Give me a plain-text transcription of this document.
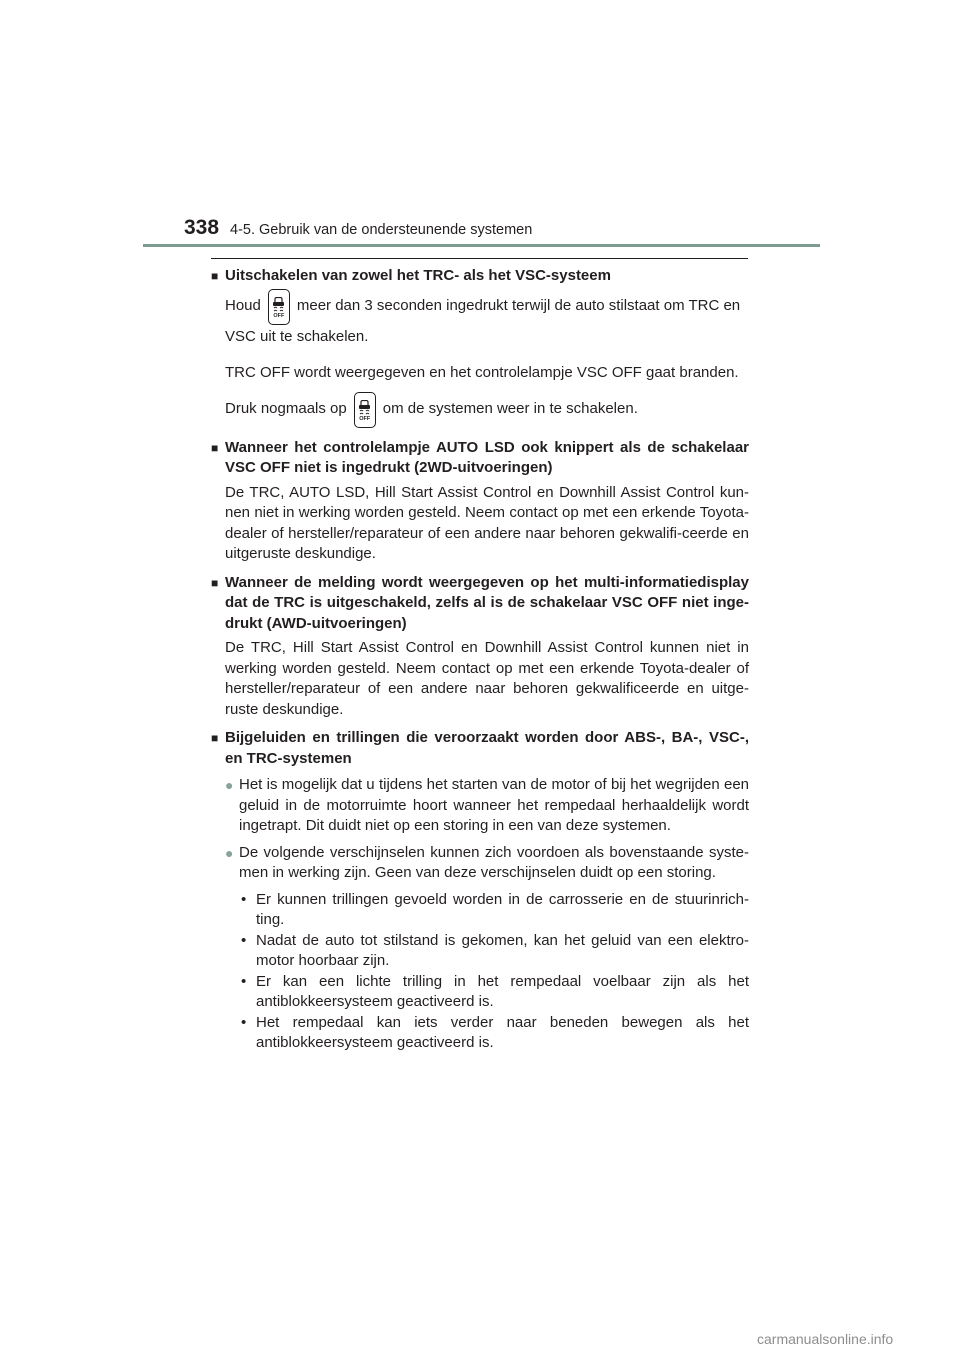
338 4-5. Gebruik van de ondersteunende systemen
■ Uitschakelen van zowel het TRC- als het VSC-systeem
Houd

OFF

meer dan 3 seconden ingedrukt terwijl de auto stilstaat om TRC en
VSC uit te schakelen.
TRC OFF wordt weergegeven en het controlelampje VSC OFF gaat branden.
Druk nogmaals op

OFF

om de systemen weer in te schakelen.
■ Wanneer het controlelampje AUTO LSD ook knippert als de schakelaar VSC OFF niet is ingedrukt (2WD-uitvoeringen)
De TRC, AUTO LSD, Hill Start Assist Control en Downhill Assist Control kun-nen niet in werking worden gesteld. Neem contact op met een erkende Toyota-dealer of hersteller/reparateur of een andere naar behoren gekwalifi-ceerde en uitgeruste deskundige.
■ Wanneer de melding wordt weergegeven op het multi-informatiedisplay dat de TRC is uitgeschakeld, zelfs al is de schakelaar VSC OFF niet inge-drukt (AWD-uitvoeringen)
De TRC, Hill Start Assist Control en Downhill Assist Control kunnen niet in werking worden gesteld. Neem contact op met een erkende Toyota-dealer of hersteller/reparateur of een andere naar behoren gekwalificeerde en uitge-ruste deskundige.
■ Bijgeluiden en trillingen die veroorzaakt worden door ABS-, BA-, VSC-, en TRC-systemen
● Het is mogelijk dat u tijdens het starten van de motor of bij het wegrijden een geluid in de motorruimte hoort wanneer het rempedaal herhaaldelijk wordt ingetrapt. Dit duidt niet op een storing in een van deze systemen.
● De volgende verschijnselen kunnen zich voordoen als bovenstaande syste-men in werking zijn. Geen van deze verschijnselen duidt op een storing.
• Er kunnen trillingen gevoeld worden in de carrosserie en de stuurinrich-ting.
• Nadat de auto tot stilstand is gekomen, kan het geluid van een elektro-motor hoorbaar zijn.
• Er kan een lichte trilling in het rempedaal voelbaar zijn als het antiblokkeersysteem geactiveerd is.
• Het rempedaal kan iets verder naar beneden bewegen als het antiblokkeersysteem geactiveerd is.
carmanualsonline.info
